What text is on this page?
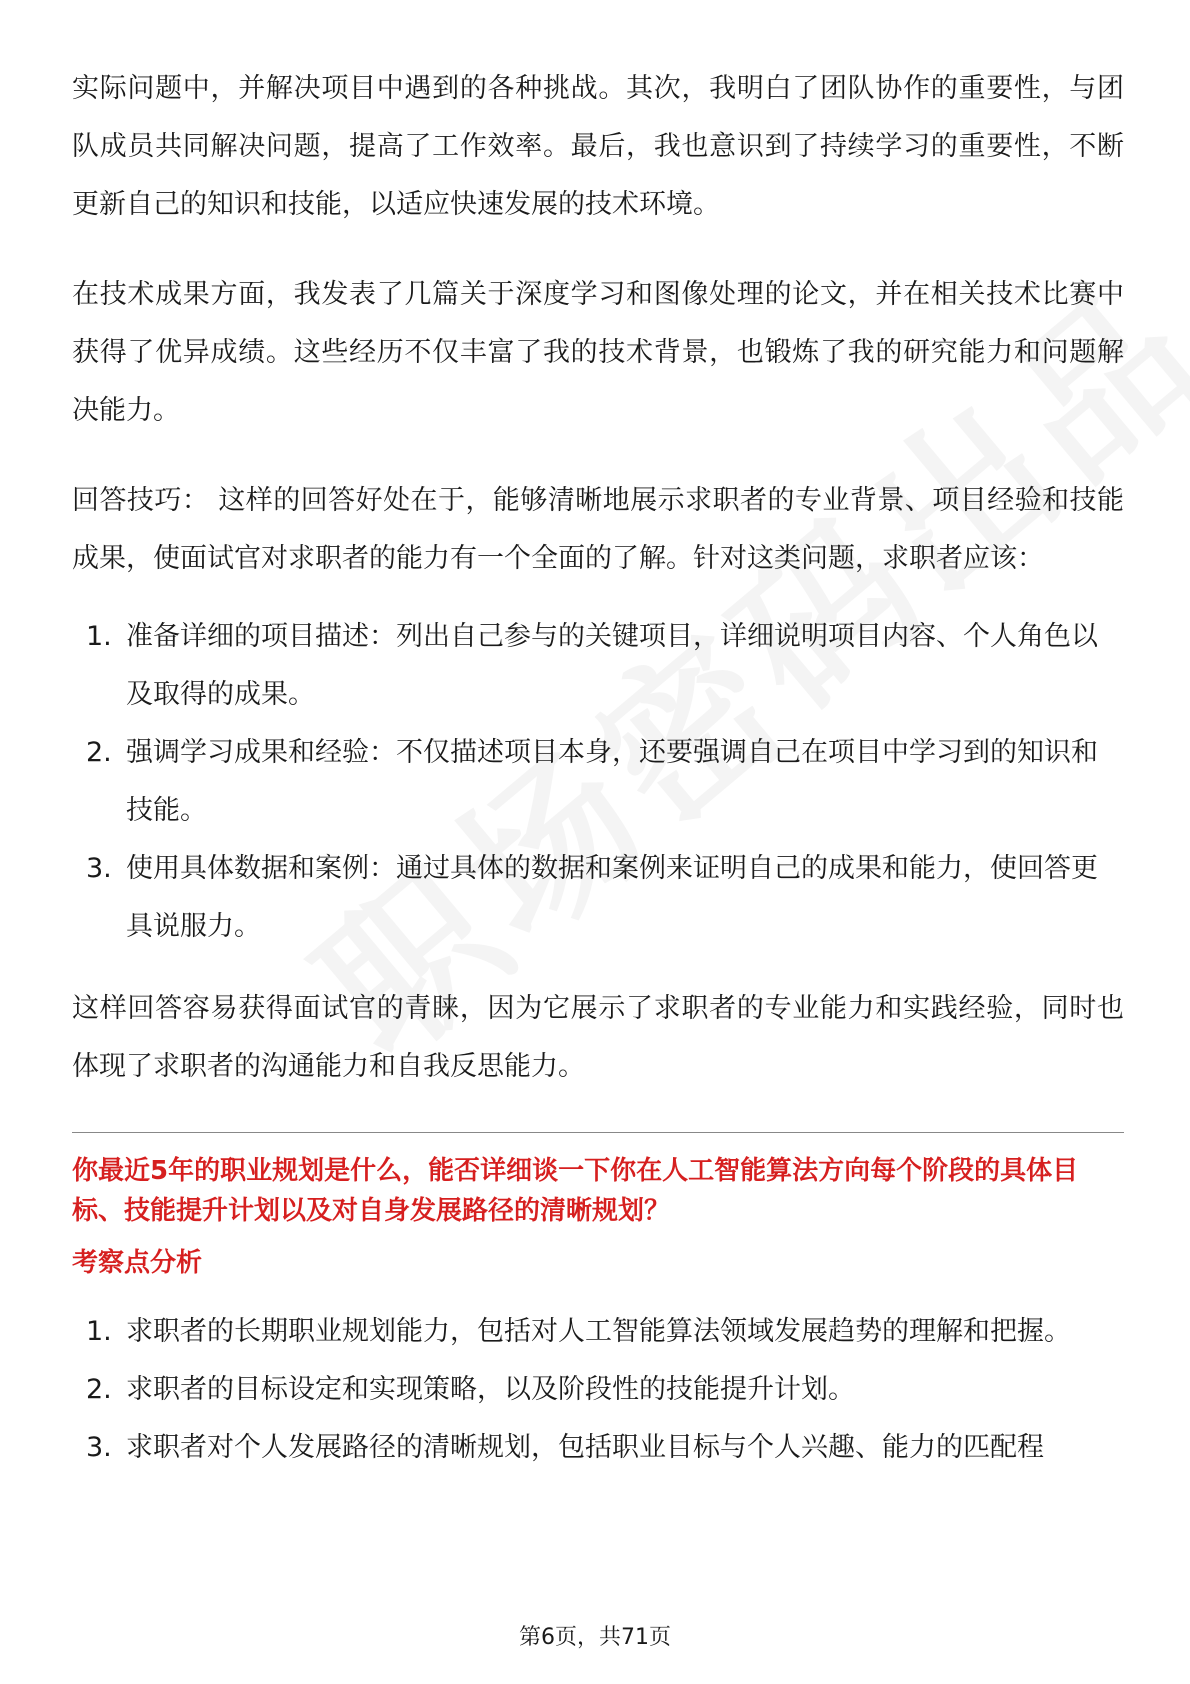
实际问题中，并解决项目中遇到的各种挑战。其次，我明白了团队协作的重要性，与团队成员共同解决问题，提高了工作效率。最后，我也意识到了持续学习的重要性，不断更新自己的知识和技能，以适应快速发展的技术环境。

在技术成果方面，我发表了几篇关于深度学习和图像处理的论文，并在相关技术比赛中获得了优异成绩。这些经历不仅丰富了我的技术背景，也锻炼了我的研究能力和问题解决能力。

回答技巧： 这样的回答好处在于，能够清晰地展示求职者的专业背景、项目经验和技能成果，使面试官对求职者的能力有一个全面的了解。针对这类问题，求职者应该：

1. 准备详细的项目描述：列出自己参与的关键项目，详细说明项目内容、个人角色以及取得的成果。
2. 强调学习成果和经验：不仅描述项目本身，还要强调自己在项目中学习到的知识和技能。
3. 使用具体数据和案例：通过具体的数据和案例来证明自己的成果和能力，使回答更具说服力。

这样回答容易获得面试官的青睐，因为它展示了求职者的专业能力和实践经验，同时也体现了求职者的沟通能力和自我反思能力。

你最近5年的职业规划是什么，能否详细谈一下你在人工智能算法方向每个阶段的具体目标、技能提升计划以及对自身发展路径的清晰规划？

考察点分析

1. 求职者的长期职业规划能力，包括对人工智能算法领域发展趋势的理解和把握。
2. 求职者的目标设定和实现策略，以及阶段性的技能提升计划。
3. 求职者对个人发展路径的清晰规划，包括职业目标与个人兴趣、能力的匹配程
第6页，共71页
